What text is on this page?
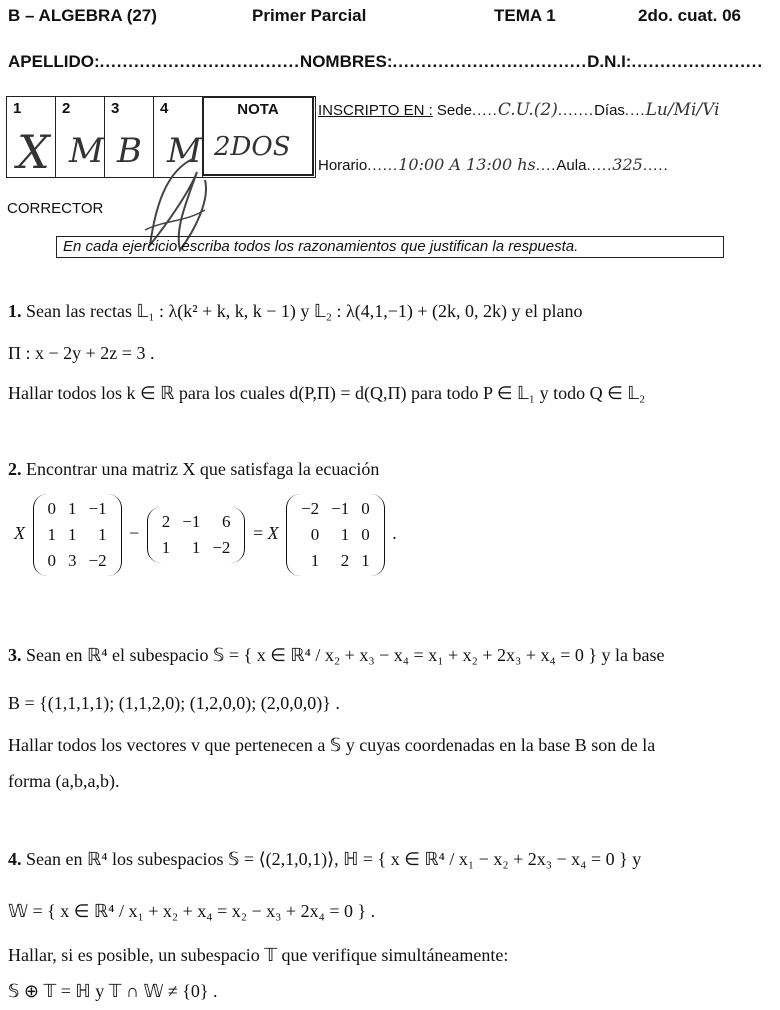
B – ALGEBRA (27)	Primer Parcial	TEMA 1	2do. cuat. 06
APELLIDO:...................................NOMBRES:..................................D.N.I:.......................
1	2	3	4
X M B M
NOTA
2DOS
INSCRIPTO EN : Sede.....C.U.(2).......Días....Lu/Mi/Vi
Horario......10:00 A 13:00 hs....Aula.....325.....
CORRECTOR
En cada ejercicio escriba todos los razonamientos que justifican la respuesta.
1. Sean las rectas 𝕃₁ : λ(k² + k, k, k − 1) y 𝕃₂ : λ(4,1,−1) + (2k, 0, 2k) y el plano
Π : x − 2y + 2z = 3 .
Hallar todos los k ∈ ℝ para los cuales d(P,Π) = d(Q,Π) para todo P ∈ 𝕃₁ y todo Q ∈ 𝕃₂
2. Encontrar una matriz X que satisfaga la ecuación
X
0	1	−1
1	1	1
0	3	−2
−
2	−1	6
1	1	−2
= X
−2	−1	0
0	1	0
1	2	1
.
3. Sean en ℝ⁴ el subespacio 𝕊 = { x ∈ ℝ⁴ / x₂ + x₃ − x₄ = x₁ + x₂ + 2x₃ + x₄ = 0 } y la base
B = {(1,1,1,1); (1,1,2,0); (1,2,0,0); (2,0,0,0)} .
Hallar todos los vectores v que pertenecen a 𝕊 y cuyas coordenadas en la base B son de la
forma (a,b,a,b).
4. Sean en ℝ⁴ los subespacios 𝕊 = ⟨(2,1,0,1)⟩, ℍ = { x ∈ ℝ⁴ / x₁ − x₂ + 2x₃ − x₄ = 0 } y
𝕎 = { x ∈ ℝ⁴ / x₁ + x₂ + x₄ = x₂ − x₃ + 2x₄ = 0 } .
Hallar, si es posible, un subespacio 𝕋 que verifique simultáneamente:
𝕊 ⊕ 𝕋 = ℍ y 𝕋 ∩ 𝕎 ≠ {0} .
